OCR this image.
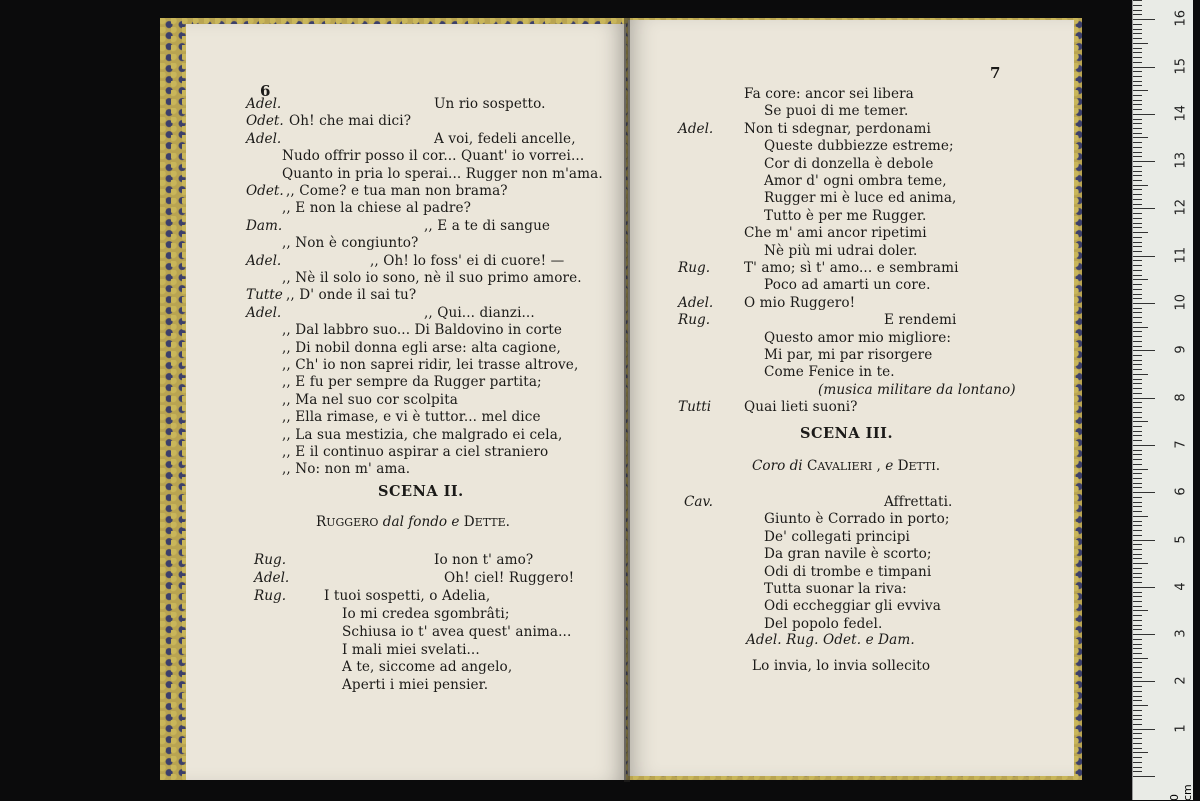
6
Adel.	Un rio sospetto.
Odet. Oh! che mai dici?
Adel.	A voi, fedeli ancelle,
Nudo offrir posso il cor... Quant' io vorrei...
Quanto in pria lo sperai... Rugger non m'ama.
Odet. ,, Come? e tua man non brama?
,, E non la chiese al padre?
Dam.	,, E a te di sangue
,, Non è congiunto?
Adel.	,, Oh! lo foss' ei di cuore! —
,, Nè il solo io sono, nè il suo primo amore.
Tutte ,, D' onde il sai tu?
Adel.	,, Qui... dianzi...
,, Dal labbro suo... Di Baldovino in corte
,, Di nobil donna egli arse: alta cagione,
,, Ch' io non saprei ridir, lei trasse altrove,
,, E fu per sempre da Rugger partita;
,, Ma nel suo cor scolpita
,, Ella rimase, e vi è tuttor... mel dice
,, La sua mestizia, che malgrado ei cela,
,, E il continuo aspirar a ciel straniero
,, No: non m' ama.
SCENA II.
RUGGERO dal fondo e DETTE.
Rug.	Io non t' amo?
Adel.	Oh! ciel! Ruggero!
Rug.	I tuoi sospetti, o Adelia,
Io mi credea sgombrâti;
Schiusa io t' avea quest' anima...
I mali miei svelati...
A te, siccome ad angelo,
Aperti i miei pensier.
7
Fa core: ancor sei libera
Se puoi di me temer.
Adel. Non ti sdegnar, perdonami
Queste dubbiezze estreme;
Cor di donzella è debole
Amor d' ogni ombra teme,
Rugger mi è luce ed anima,
Tutto è per me Rugger.
Che m' ami ancor ripetimi
Nè più mi udrai doler.
Rug. T' amo; sì t' amo... e sembrami
Poco ad amarti un core.
Adel. O mio Ruggero!
Rug.	E rendemi
Questo amor mio migliore:
Mi par, mi par risorgere
Come Fenice in te.
(musica militare da lontano)
Tutti Quai lieti suoni?
SCENA III.
Coro di CAVALIERI , e DETTI.
Cav.	Affrettati.
Giunto è Corrado in porto;
De' collegati principi
Da gran navile è scorto;
Odi di trombe e timpani
Tutta suonar la riva:
Odi eccheggiar gli evviva
Del popolo fedel.
Adel. Rug. Odet. e Dam.
Lo invia, lo invia sollecito
1
2
3
4
5
6
7
8
9
10
11
12
13
14
15
16
0 cm
